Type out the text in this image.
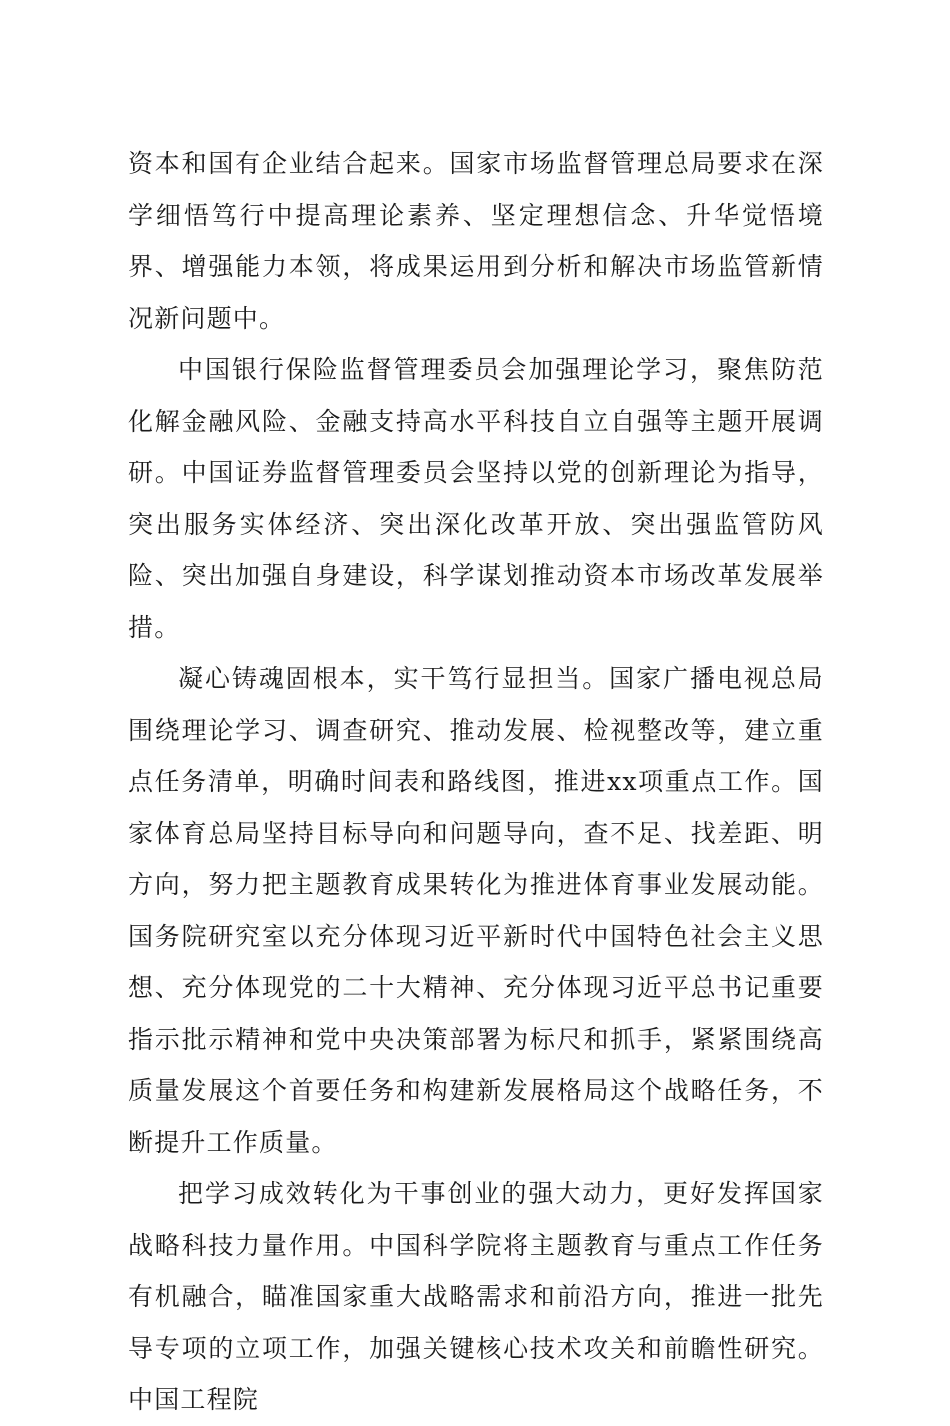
资本和国有企业结合起来。国家市场监督管理总局要求在深学细悟笃行中提高理论素养、坚定理想信念、升华觉悟境界、增强能力本领，将成果运用到分析和解决市场监管新情况新问题中。

中国银行保险监督管理委员会加强理论学习，聚焦防范化解金融风险、金融支持高水平科技自立自强等主题开展调研。中国证券监督管理委员会坚持以党的创新理论为指导，突出服务实体经济、突出深化改革开放、突出强监管防风险、突出加强自身建设，科学谋划推动资本市场改革发展举措。

凝心铸魂固根本，实干笃行显担当。国家广播电视总局围绕理论学习、调查研究、推动发展、检视整改等，建立重点任务清单，明确时间表和路线图，推进xx项重点工作。国家体育总局坚持目标导向和问题导向，查不足、找差距、明方向，努力把主题教育成果转化为推进体育事业发展动能。国务院研究室以充分体现习近平新时代中国特色社会主义思想、充分体现党的二十大精神、充分体现习近平总书记重要指示批示精神和党中央决策部署为标尺和抓手，紧紧围绕高质量发展这个首要任务和构建新发展格局这个战略任务，不断提升工作质量。

把学习成效转化为干事创业的强大动力，更好发挥国家战略科技力量作用。中国科学院将主题教育与重点工作任务有机融合，瞄准国家重大战略需求和前沿方向，推进一批先导专项的立项工作，加强关键核心技术攻关和前瞻性研究。中国工程院
